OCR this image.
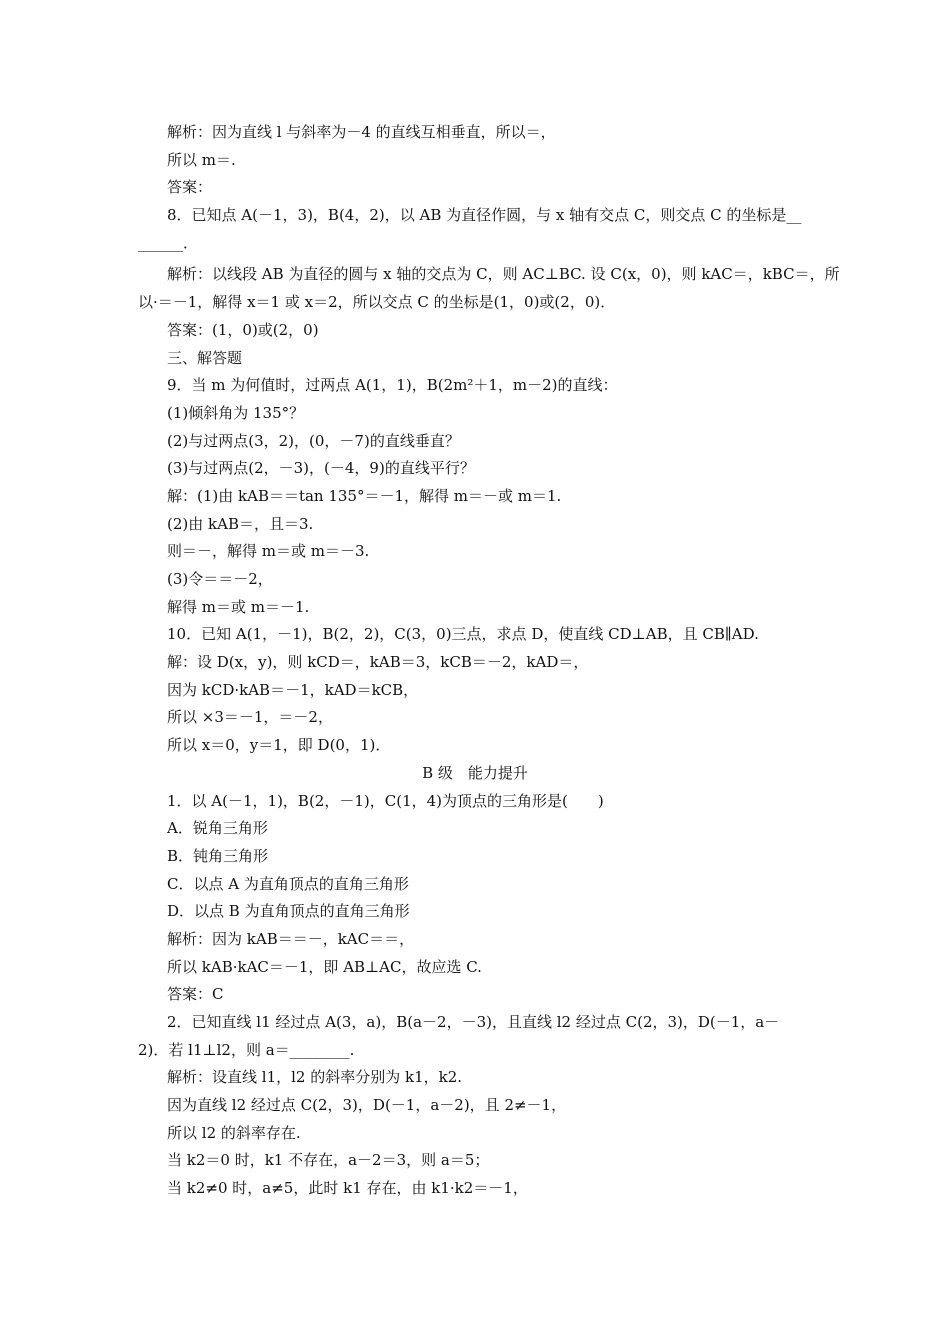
解析：因为直线 l 与斜率为－4 的直线互相垂直，所以＝，
所以 m＝.
答案：
8．已知点 A(－1，3)，B(4，2)，以 AB 为直径作圆，与 x 轴有交点 C，则交点 C 的坐标是__
______．
解析：以线段 AB 为直径的圆与 x 轴的交点为 C，则 AC⊥BC. 设 C(x，0)，则 kAC＝，kBC＝，所
以·＝－1，解得 x＝1 或 x＝2，所以交点 C 的坐标是(1，0)或(2，0)．
答案：(1，0)或(2，0)
三、解答题
9．当 m 为何值时，过两点 A(1，1)，B(2m²＋1，m－2)的直线：
(1)倾斜角为 135°？
(2)与过两点(3，2)，(0，－7)的直线垂直？
(3)与过两点(2，－3)，(－4，9)的直线平行？
解：(1)由 kAB＝＝tan 135°＝－1，解得 m＝－或 m＝1.
(2)由 kAB＝，且＝3.
则＝－，解得 m＝或 m＝－3.
(3)令＝＝－2，
解得 m＝或 m＝－1.
10．已知 A(1，－1)，B(2，2)，C(3，0)三点，求点 D，使直线 CD⊥AB，且 CB∥AD.
解：设 D(x，y)，则 kCD＝，kAB＝3，kCB＝－2，kAD＝，
因为 kCD·kAB＝－1，kAD＝kCB，
所以 ×3＝－1，＝－2，
所以 x＝0，y＝1，即 D(0，1)．
B 级　能力提升
1．以 A(－1，1)，B(2，－1)，C(1，4)为顶点的三角形是(　　)
A．锐角三角形
B．钝角三角形
C．以点 A 为直角顶点的直角三角形
D．以点 B 为直角顶点的直角三角形
解析：因为 kAB＝＝－，kAC＝＝，
所以 kAB·kAC＝－1，即 AB⊥AC，故应选 C.
答案：C
2．已知直线 l1 经过点 A(3，a)，B(a－2，－3)，且直线 l2 经过点 C(2，3)，D(－1，a－
2)．若 l1⊥l2，则 a＝________.
解析：设直线 l1，l2 的斜率分别为 k1，k2.
因为直线 l2 经过点 C(2，3)，D(－1，a－2)，且 2≠－1，
所以 l2 的斜率存在.
当 k2＝0 时，k1 不存在，a－2＝3，则 a＝5；
当 k2≠0 时，a≠5，此时 k1 存在，由 k1·k2＝－1，
